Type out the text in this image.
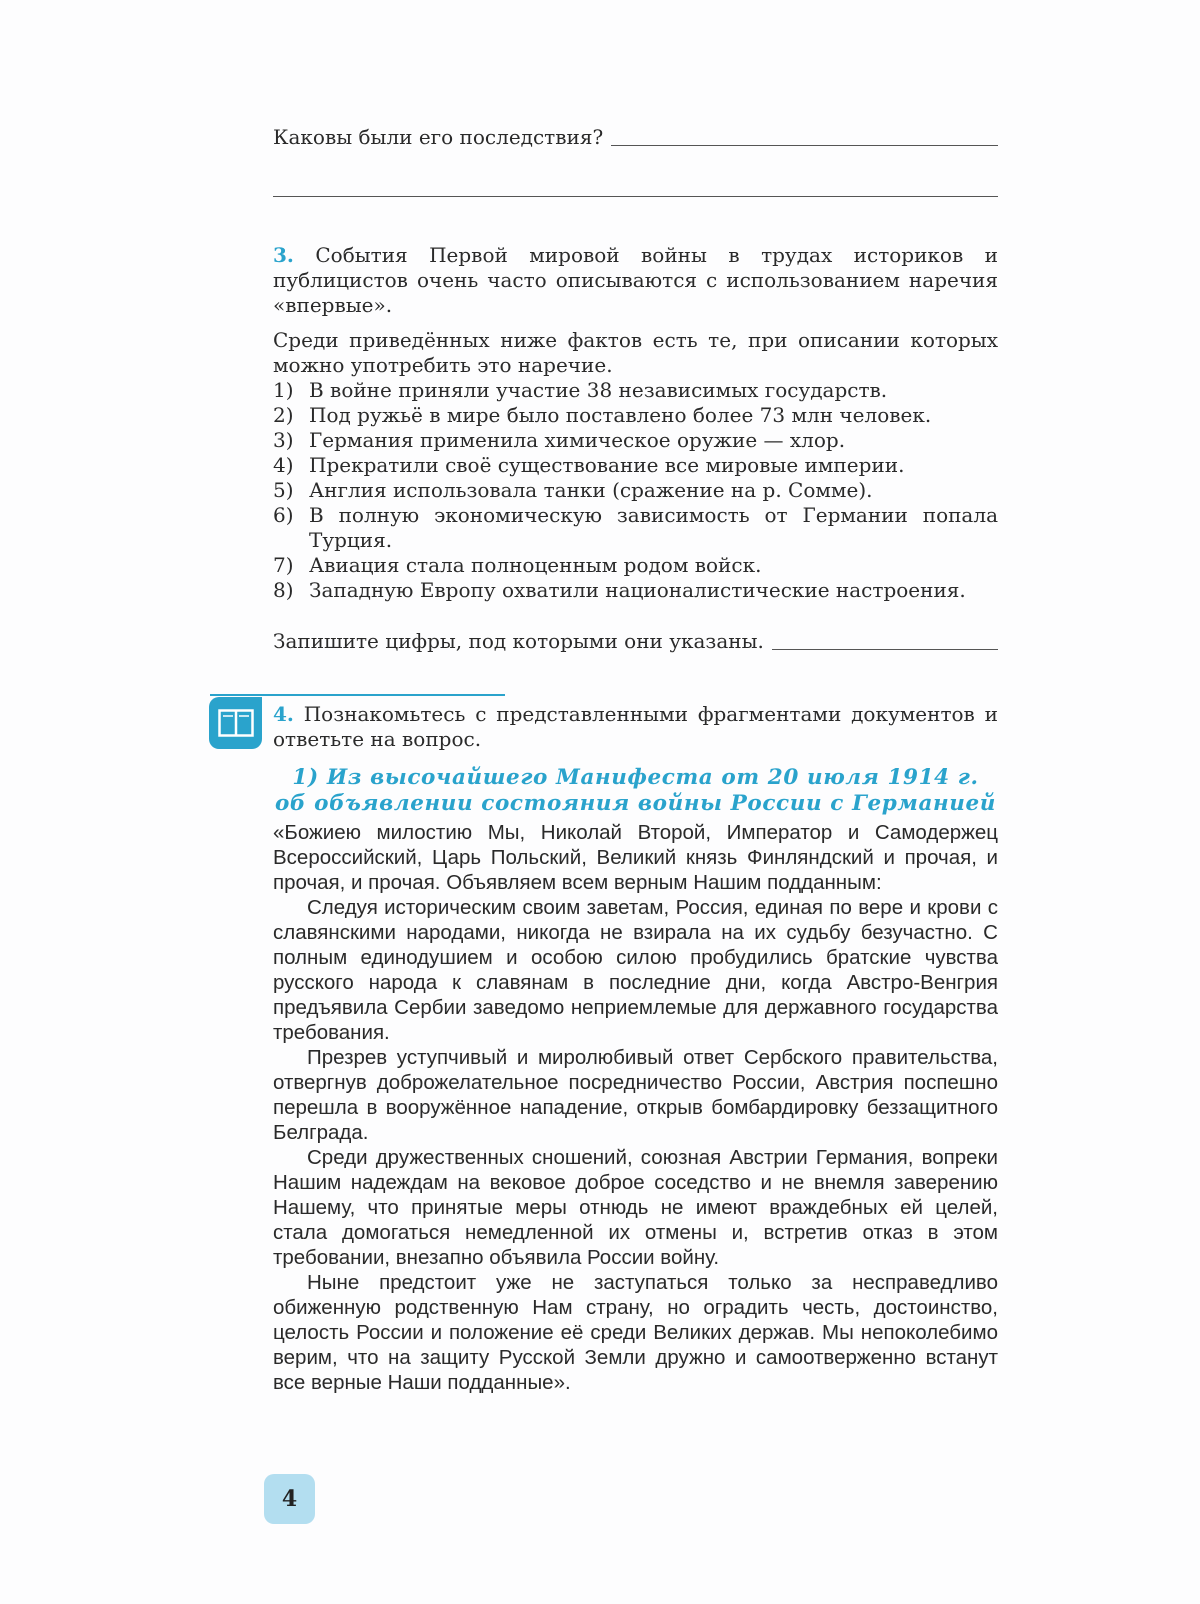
Каковы были его последствия?

3. События Первой мировой войны в трудах историков и публицистов очень часто описываются с использованием наречия «впервые».

Среди приведённых ниже фактов есть те, при описании которых можно употребить это наречие.

1) В войне приняли участие 38 независимых государств.
2) Под ружьё в мире было поставлено более 73 млн человек.
3) Германия применила химическое оружие — хлор.
4) Прекратили своё существование все мировые империи.
5) Англия использовала танки (сражение на р. Сомме).
6) В полную экономическую зависимость от Германии попала Турция.
7) Авиация стала полноценным родом войск.
8) Западную Европу охватили националистические настроения.
Запишите цифры, под которыми они указаны.

4. Познакомьтесь с представленными фрагментами документов и ответьте на вопрос.

1) Из высочайшего Манифеста от 20 июля 1914 г.
об объявлении состояния войны России с Германией

«Божиею милостию Мы, Николай Второй, Император и Самодержец Всероссийский, Царь Польский, Великий князь Финляндский и прочая, и прочая, и прочая. Объявляем всем верным Нашим подданным:

Следуя историческим своим заветам, Россия, единая по вере и крови с славянскими народами, никогда не взирала на их судьбу безучастно. С полным единодушием и особою силою пробудились братские чувства русского народа к славянам в последние дни, когда Австро-Венгрия предъявила Сербии заведомо неприемлемые для державного государства требования.

Презрев уступчивый и миролюбивый ответ Сербского правительства, отвергнув доброжелательное посредничество России, Австрия поспешно перешла в вооружённое нападение, открыв бомбардировку беззащитного Белграда.

Среди дружественных сношений, союзная Австрии Германия, вопреки Нашим надеждам на вековое доброе соседство и не внемля заверению Нашему, что принятые меры отнюдь не имеют враждебных ей целей, стала домогаться немедленной их отмены и, встретив отказ в этом требовании, внезапно объявила России войну.

Ныне предстоит уже не заступаться только за несправедливо обиженную родственную Нам страну, но оградить честь, достоинство, целость России и положение её среди Великих держав. Мы непоколебимо верим, что на защиту Русской Земли дружно и самоотверженно встанут все верные Наши подданные».

4
